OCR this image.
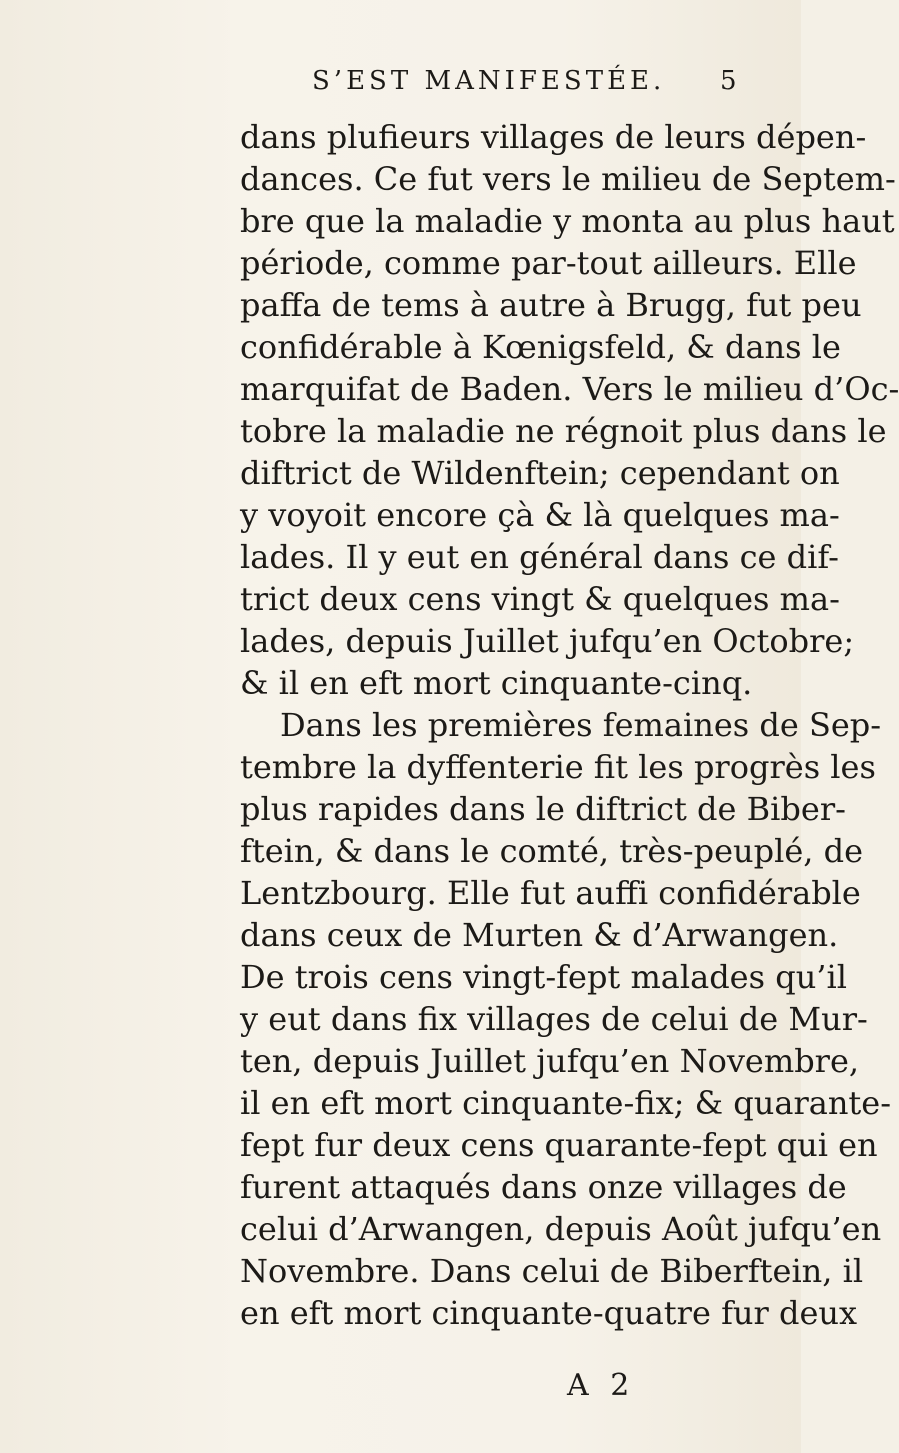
S’EST MANIFESTÉE. 5
dans plufieurs villages de leurs dépen-
dances. Ce fut vers le milieu de Septem-
bre que la maladie y monta au plus haut
période, comme par-tout ailleurs. Elle
paffa de tems à autre à Brugg, fut peu
confidérable à Kœnigsfeld, & dans le
marquifat de Baden. Vers le milieu d’Oc-
tobre la maladie ne régnoit plus dans le
diftrict de Wildenftein; cependant on
y voyoit encore çà & là quelques ma-
lades. Il y eut en général dans ce dif-
trict deux cens vingt & quelques ma-
lades, depuis Juillet jufqu’en Octobre;
& il en eft mort cinquante-cinq.
Dans les premières femaines de Sep-
tembre la dyffenterie fit les progrès les
plus rapides dans le diftrict de Biber-
ftein, & dans le comté, très-peuplé, de
Lentzbourg. Elle fut auffi confidérable
dans ceux de Murten & d’Arwangen.
De trois cens vingt-fept malades qu’il
y eut dans fix villages de celui de Mur-
ten, depuis Juillet jufqu’en Novembre,
il en eft mort cinquante-fix; & quarante-
fept fur deux cens quarante-fept qui en
furent attaqués dans onze villages de
celui d’Arwangen, depuis Août jufqu’en
Novembre. Dans celui de Biberftein, il
en eft mort cinquante-quatre fur deux
A 2
